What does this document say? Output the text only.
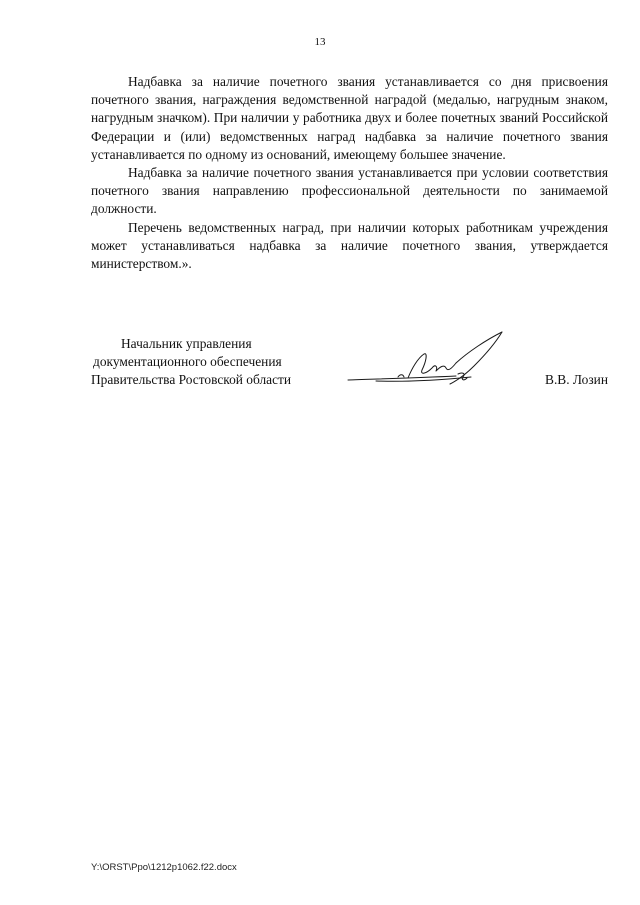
13

Надбавка за наличие почетного звания устанавливается со дня присвоения почетного звания, награждения ведомственной наградой (медалью, нагрудным знаком, нагрудным значком). При наличии у работника двух и более почетных званий Российской Федерации и (или) ведомственных наград надбавка за наличие почетного звания устанавливается по одному из оснований, имеющему большее значение.

Надбавка за наличие почетного звания устанавливается при условии соответствия почетного звания направлению профессиональной деятельности по занимаемой должности.

Перечень ведомственных наград, при наличии которых работникам учреждения может устанавливаться надбавка за наличие почетного звания, утверждается министерством.».

Начальник управления
документационного обеспечения
Правительства Ростовской области	В.В. Лозин
Y:\ORST\Ppo\1212p1062.f22.docx
